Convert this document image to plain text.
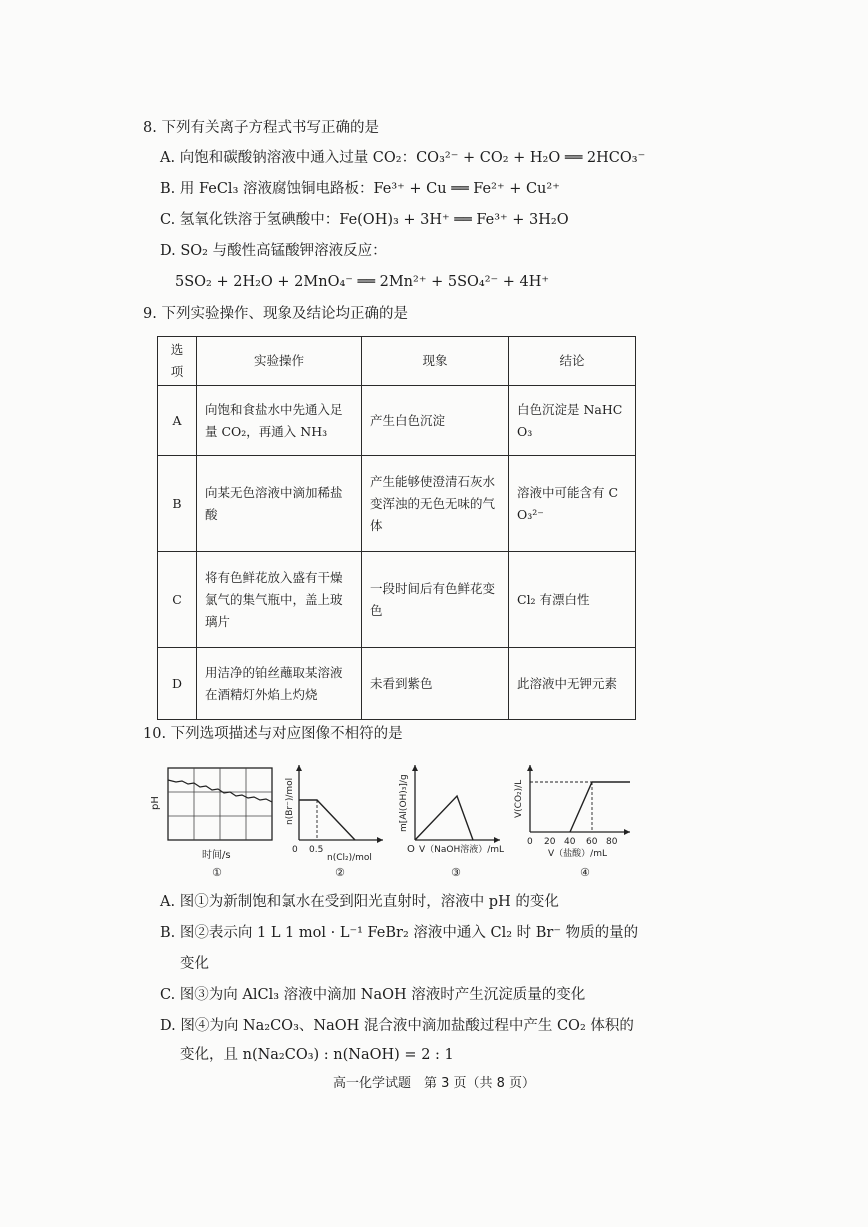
8. 下列有关离子方程式书写正确的是
A. 向饱和碳酸钠溶液中通入过量 CO₂：CO₃²⁻ + CO₂ + H₂O ══ 2HCO₃⁻
B. 用 FeCl₃ 溶液腐蚀铜电路板：Fe³⁺ + Cu ══ Fe²⁺ + Cu²⁺
C. 氢氧化铁溶于氢碘酸中：Fe(OH)₃ + 3H⁺ ══ Fe³⁺ + 3H₂O
D. SO₂ 与酸性高锰酸钾溶液反应：
5SO₂ + 2H₂O + 2MnO₄⁻ ══ 2Mn²⁺ + 5SO₄²⁻ + 4H⁺
9. 下列实验操作、现象及结论均正确的是
选项	实验操作	现象	结论
A	向饱和食盐水中先通入足量 CO₂，再通入 NH₃	产生白色沉淀	白色沉淀是 NaHCO₃
B	向某无色溶液中滴加稀盐酸	产生能够使澄清石灰水变浑浊的无色无味的气体	溶液中可能含有 CO₃²⁻
C	将有色鲜花放入盛有干燥氯气的集气瓶中，盖上玻璃片	一段时间后有色鲜花变色	Cl₂ 有漂白性
D	用洁净的铂丝蘸取某溶液在酒精灯外焰上灼烧	未看到紫色	此溶液中无钾元素
10. 下列选项描述与对应图像不相符的是
pH
时间/s
①
n(Br⁻)/mol
0 0.5
n(Cl₂)/mol
②
m[Al(OH)₃]/g
O V（NaOH溶液）/mL
③
V(CO₂)/L
0 20 40 60 80
V（盐酸）/mL
④
A. 图①为新制饱和氯水在受到阳光直射时，溶液中 pH 的变化
B. 图②表示向 1 L 1 mol · L⁻¹ FeBr₂ 溶液中通入 Cl₂ 时 Br⁻ 物质的量的
变化
C. 图③为向 AlCl₃ 溶液中滴加 NaOH 溶液时产生沉淀质量的变化
D. 图④为向 Na₂CO₃、NaOH 混合液中滴加盐酸过程中产生 CO₂ 体积的
变化，且 n(Na₂CO₃) : n(NaOH) = 2 : 1
高一化学试题　第 3 页（共 8 页）
